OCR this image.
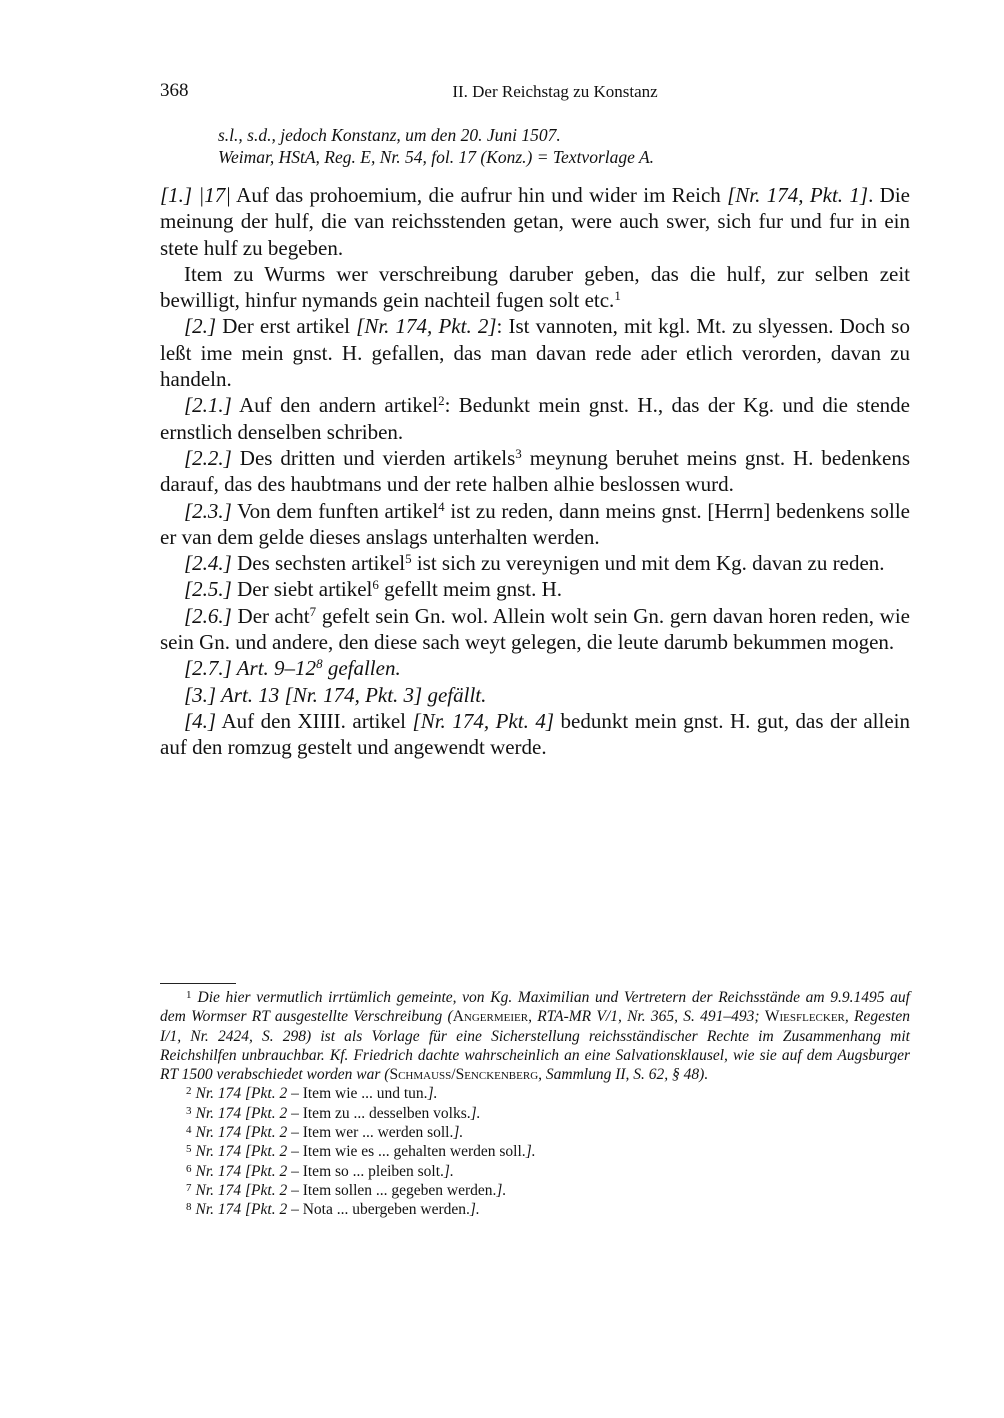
368	II. Der Reichstag zu Konstanz
s.l., s.d., jedoch Konstanz, um den 20. Juni 1507.
Weimar, HStA, Reg. E, Nr. 54, fol. 17 (Konz.) = Textvorlage A.

[1.] |17| Auf das prohoemium, die aufrur hin und wider im Reich [Nr. 174, Pkt. 1]. Die meinung der hulf, die van reichsstenden getan, were auch swer, sich fur und fur in ein stete hulf zu begeben.

Item zu Wurms wer verschreibung daruber geben, das die hulf, zur selben zeit bewilligt, hinfur nymands gein nachteil fugen solt etc.$^1$

[2.] Der erst artikel [Nr. 174, Pkt. 2]: Ist vannoten, mit kgl. Mt. zu slyessen. Doch so leßt ime mein gnst. H. gefallen, das man davan rede ader etlich verorden, davan zu handeln.

[2.1.] Auf den andern artikel$^2$: Bedunkt mein gnst. H., das der Kg. und die stende ernstlich denselben schriben.

[2.2.] Des dritten und vierden artikels$^3$ meynung beruhet meins gnst. H. bedenkens darauf, das des haubtmans und der rete halben alhie beslossen wurd.

[2.3.] Von dem funften artikel$^4$ ist zu reden, dann meins gnst. [Herrn] bedenkens solle er van dem gelde dieses anslags unterhalten werden.

[2.4.] Des sechsten artikel$^5$ ist sich zu vereynigen und mit dem Kg. davan zu reden.

[2.5.] Der siebt artikel$^6$ gefellt meim gnst. H.

[2.6.] Der acht$^7$ gefelt sein Gn. wol. Allein wolt sein Gn. gern davan horen reden, wie sein Gn. und andere, den diese sach weyt gelegen, die leute darumb bekummen mogen.

[2.7.] Art. $9-12^8$ gefallen.

[3.] Art. 13 [Nr. 174, Pkt. 3] gefällt.

[4.] Auf den XIIII. artikel [Nr. 174, Pkt. 4] bedunkt mein gnst. H. gut, das der allein auf den romzug gestelt und angewendt werde.

$^1$ Die hier vermutlich irrtümlich gemeinte, von Kg. Maximilian und Vertretern der Reichsstände am 9.9.1495 auf dem Wormser RT ausgestellte Verschreibung (Angermeier, RTA-MR V/1, Nr. 365, S. 491–493; Wiesflecker, Regesten I/1, Nr. 2424, S. 298) ist als Vorlage für eine Sicherstellung reichsständischer Rechte im Zusammenhang mit Reichshilfen unbrauchbar. Kf. Friedrich dachte wahrscheinlich an eine Salvationsklausel, wie sie auf dem Augsburger RT 1500 verabschiedet worden war (Schmauss/Senckenberg, Sammlung II, S. 62, § 48).

$^2$ Nr. 174 [Pkt. 2 – Item wie ... und tun.].

$^3$ Nr. 174 [Pkt. 2 – Item zu ... desselben volks.].

$^4$ Nr. 174 [Pkt. 2 – Item wer ... werden soll.].

$^5$ Nr. 174 [Pkt. 2 – Item wie es ... gehalten werden soll.].

$^6$ Nr. 174 [Pkt. 2 – Item so ... pleiben solt.].

$^7$ Nr. 174 [Pkt. 2 – Item sollen ... gegeben werden.].

$^8$ Nr. 174 [Pkt. 2 – Nota ... ubergeben werden.].
